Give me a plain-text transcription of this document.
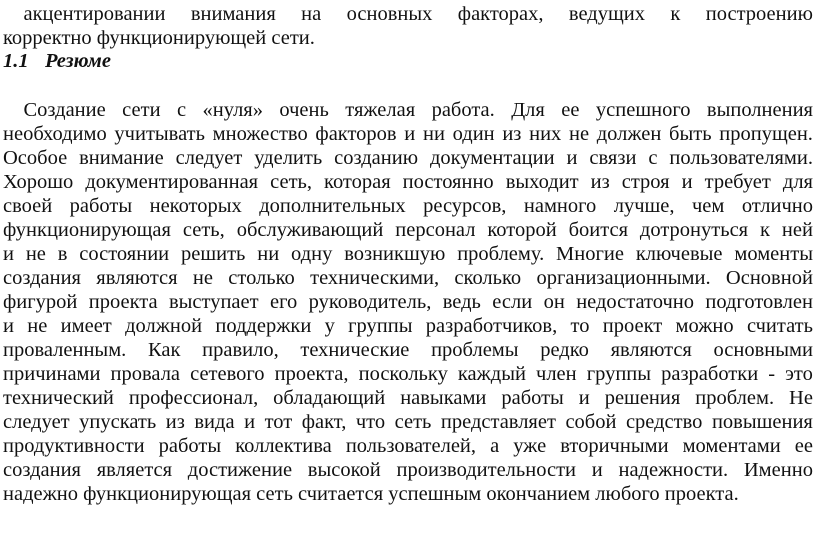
акцентировании внимания на основных факторах, ведущих к построению
корректно функционирующей сети.
1.1 Резюме
Создание сети с «нуля» очень тяжелая работа. Для ее успешного выполнения
необходимо учитывать множество факторов и ни один из них не должен быть пропущен.
Особое внимание следует уделить созданию документации и связи с пользователями.
Хорошо документированная сеть, которая постоянно выходит из строя и требует для
своей работы некоторых дополнительных ресурсов, намного лучше, чем отлично
функционирующая сеть, обслуживающий персонал которой боится дотронуться к ней
и не в состоянии решить ни одну возникшую проблему. Многие ключевые моменты
создания являются не столько техническими, сколько организационными. Основной
фигурой проекта выступает его руководитель, ведь если он недостаточно подготовлен
и не имеет должной поддержки у группы разработчиков, то проект можно считать
проваленным. Как правило, технические проблемы редко являются основными
причинами провала сетевого проекта, поскольку каждый член группы разработки - это
технический профессионал, обладающий навыками работы и решения проблем. Не
следует упускать из вида и тот факт, что сеть представляет собой средство повышения
продуктивности работы коллектива пользователей, а уже вторичными моментами ее
создания является достижение высокой производительности и надежности. Именно
надежно функционирующая сеть считается успешным окончанием любого проекта.
